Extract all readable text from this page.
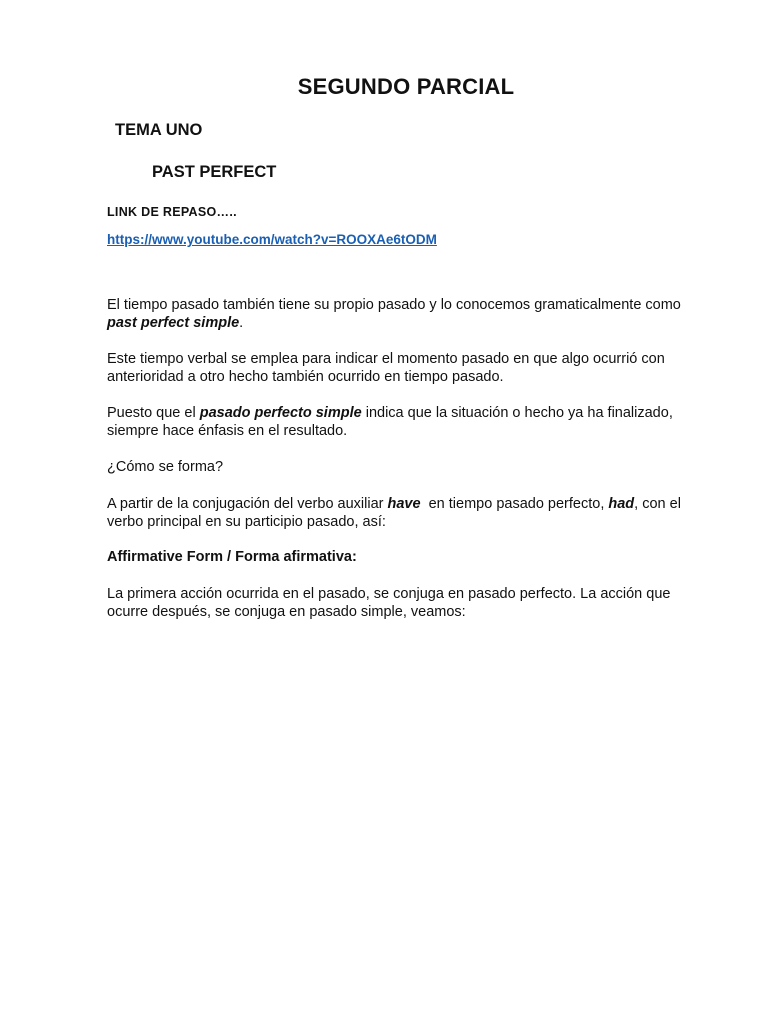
SEGUNDO PARCIAL
TEMA UNO
PAST PERFECT
LINK DE REPASO…..
https://www.youtube.com/watch?v=ROOXAe6tODM
El tiempo pasado también tiene su propio pasado y lo conocemos gramaticalmente como past perfect simple.
Este tiempo verbal se emplea para indicar el momento pasado en que algo ocurrió con anterioridad a otro hecho también ocurrido en tiempo pasado.
Puesto que el pasado perfecto simple indica que la situación o hecho ya ha finalizado, siempre hace énfasis en el resultado.
¿Cómo se forma?
A partir de la conjugación del verbo auxiliar have  en tiempo pasado perfecto, had, con el verbo principal en su participio pasado, así:
Affirmative Form / Forma afirmativa:
La primera acción ocurrida en el pasado, se conjuga en pasado perfecto. La acción que ocurre después, se conjuga en pasado simple, veamos:
